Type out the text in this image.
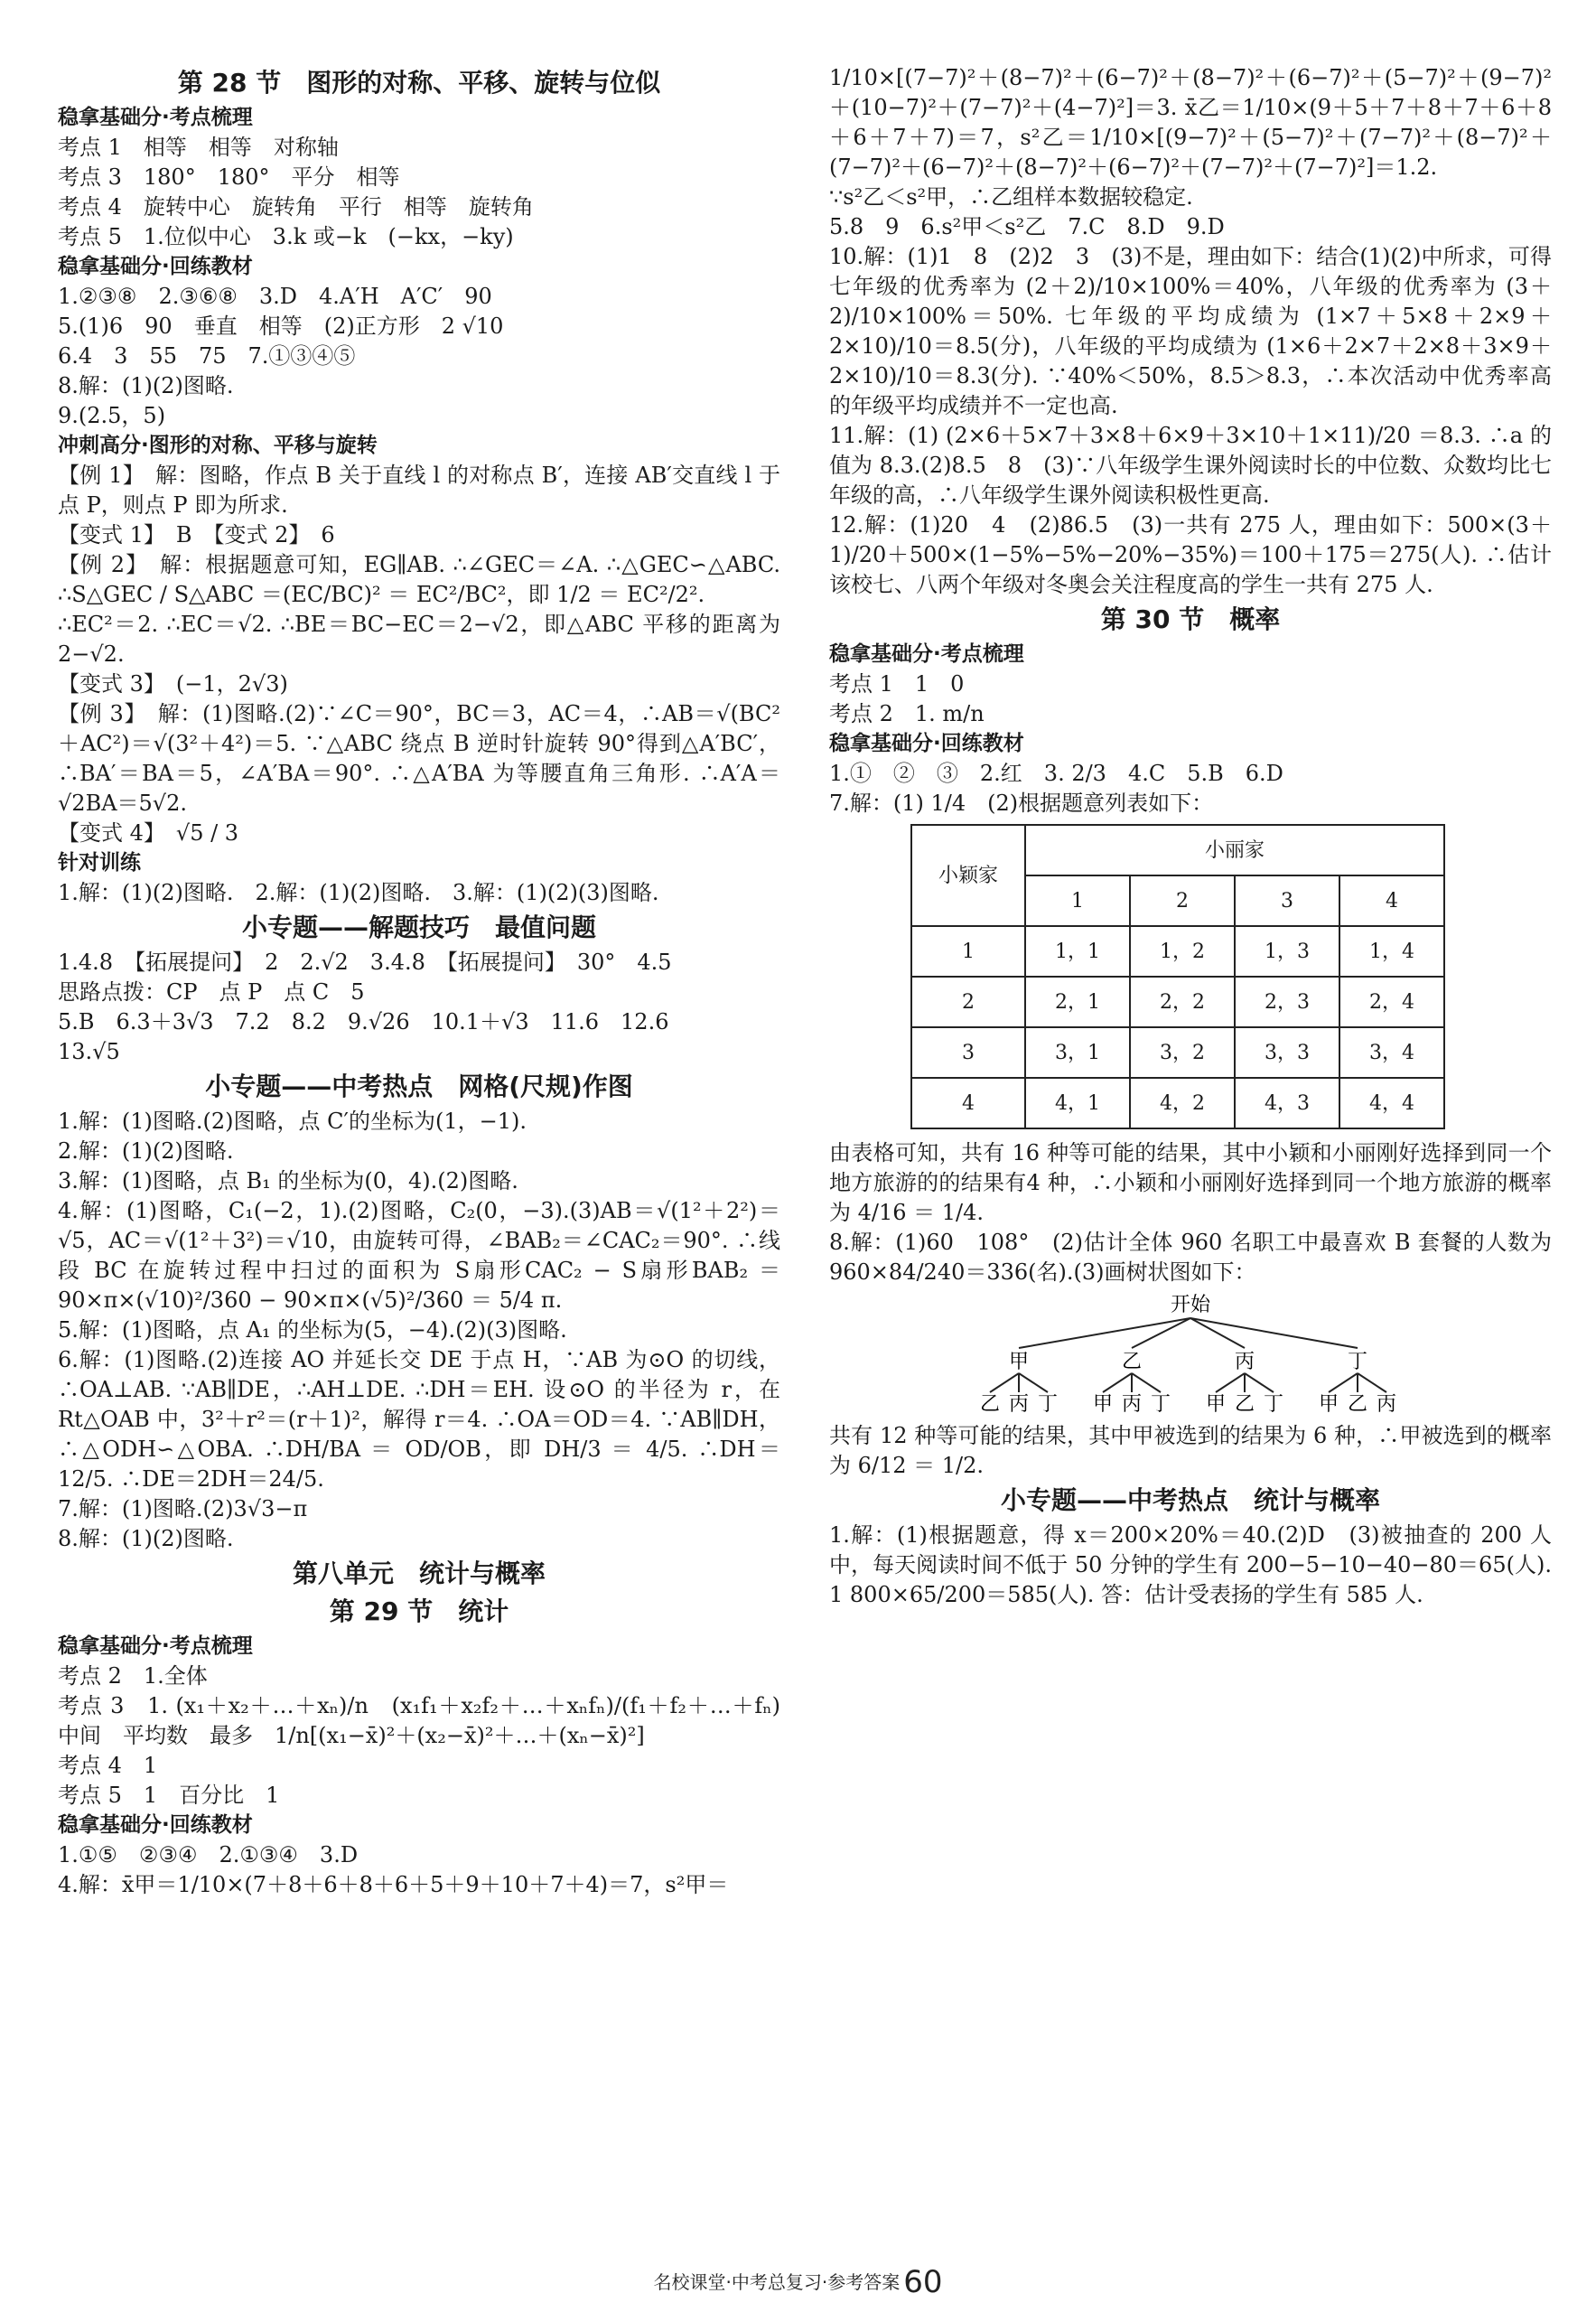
第 28 节　图形的对称、平移、旋转与位似
稳拿基础分·考点梳理
考点 1　相等　相等　对称轴
考点 3　180°　180°　平分　相等
考点 4　旋转中心　旋转角　平行　相等　旋转角
考点 5　1.位似中心　3.k 或−k　(−kx，−ky)
稳拿基础分·回练教材
1.②③⑧　2.③⑥⑧　3.D　4.A′H　A′C′　90
5.(1)6　90　垂直　相等　(2)正方形　2 √10
6.4　3　55　75　7.①③④⑤
8.解：(1)(2)图略.
9.(2.5，5)
冲刺高分·图形的对称、平移与旋转
【例 1】　解：图略，作点 B 关于直线 l 的对称点 B′，连接 AB′交直线 l 于点 P，则点 P 即为所求.
【变式 1】　B　【变式 2】　6
【例 2】　解：根据题意可知，EG∥AB. ∴∠GEC＝∠A. ∴△GEC∽△ABC. ∴S△GEC / S△ABC ＝(EC/BC)² ＝ EC²/BC²，即 1/2 ＝ EC²/2².
∴EC²＝2. ∴EC＝√2. ∴BE＝BC−EC＝2−√2，即△ABC 平移的距离为 2−√2.
【变式 3】　(−1，2√3)
【例 3】　解：(1)图略.(2)∵∠C＝90°，BC＝3，AC＝4，∴AB＝√(BC²＋AC²)＝√(3²＋4²)＝5. ∵△ABC 绕点 B 逆时针旋转 90°得到△A′BC′，∴BA′＝BA＝5，∠A′BA＝90°. ∴△A′BA 为等腰直角三角形. ∴A′A＝√2BA＝5√2.
【变式 4】　√5 / 3
针对训练
1.解：(1)(2)图略.　2.解：(1)(2)图略.　3.解：(1)(2)(3)图略.
小专题——解题技巧　最值问题
1.4.8　【拓展提问】　2　2.√2　3.4.8　【拓展提问】　30°　4.5
思路点拨：CP　点 P　点 C　5
5.B　6.3＋3√3　7.2　8.2　9.√26　10.1＋√3　11.6　12.6
13.√5
小专题——中考热点　网格(尺规)作图
1.解：(1)图略.(2)图略，点 C′的坐标为(1，−1).
2.解：(1)(2)图略.
3.解：(1)图略，点 B₁ 的坐标为(0，4).(2)图略.
4.解：(1)图略，C₁(−2，1).(2)图略，C₂(0，−3).(3)AB＝√(1²＋2²)＝√5，AC＝√(1²＋3²)＝√10，由旋转可得，∠BAB₂＝∠CAC₂＝90°. ∴线段 BC 在旋转过程中扫过的面积为 S扇形CAC₂ − S扇形BAB₂ ＝ 90×π×(√10)²/360 − 90×π×(√5)²/360 ＝ 5/4 π.
5.解：(1)图略，点 A₁ 的坐标为(5，−4).(2)(3)图略.
6.解：(1)图略.(2)连接 AO 并延长交 DE 于点 H，∵AB 为⊙O 的切线，∴OA⊥AB. ∵AB∥DE，∴AH⊥DE. ∴DH＝EH. 设⊙O 的半径为 r，在 Rt△OAB 中，3²＋r²＝(r＋1)²，解得 r＝4. ∴OA＝OD＝4. ∵AB∥DH，∴△ODH∽△OBA. ∴DH/BA ＝ OD/OB，即 DH/3 ＝ 4/5. ∴DH＝12/5. ∴DE＝2DH＝24/5.
7.解：(1)图略.(2)3√3−π
8.解：(1)(2)图略.
第八单元　统计与概率
第 29 节　统计
稳拿基础分·考点梳理
考点 2　1.全体
考点 3　1. (x₁＋x₂＋…＋xₙ)/n　(x₁f₁＋x₂f₂＋…＋xₙfₙ)/(f₁＋f₂＋…＋fₙ)　中间　平均数　最多　1/n[(x₁−x̄)²＋(x₂−x̄)²＋…＋(xₙ−x̄)²]
考点 4　1
考点 5　1　百分比　1
稳拿基础分·回练教材
1.①⑤　②③④　2.①③④　3.D
4.解：x̄甲＝1/10×(7＋8＋6＋8＋6＋5＋9＋10＋7＋4)＝7，s²甲＝
1/10×[(7−7)²＋(8−7)²＋(6−7)²＋(8−7)²＋(6−7)²＋(5−7)²＋(9−7)²＋(10−7)²＋(7−7)²＋(4−7)²]＝3. x̄乙＝1/10×(9＋5＋7＋8＋7＋6＋8＋6＋7＋7)＝7，s²乙＝1/10×[(9−7)²＋(5−7)²＋(7−7)²＋(8−7)²＋(7−7)²＋(6−7)²＋(8−7)²＋(6−7)²＋(7−7)²＋(7−7)²]＝1.2.
∵s²乙＜s²甲，∴乙组样本数据较稳定.
5.8　9　6.s²甲＜s²乙　7.C　8.D　9.D
10.解：(1)1　8　(2)2　3　(3)不是，理由如下：结合(1)(2)中所求，可得七年级的优秀率为 (2＋2)/10×100%＝40%，八年级的优秀率为 (3＋2)/10×100%＝50%. 七年级的平均成绩为 (1×7＋5×8＋2×9＋2×10)/10＝8.5(分)，八年级的平均成绩为 (1×6＋2×7＋2×8＋3×9＋2×10)/10＝8.3(分). ∵40%＜50%，8.5＞8.3，∴本次活动中优秀率高的年级平均成绩并不一定也高.
11.解：(1) (2×6＋5×7＋3×8＋6×9＋3×10＋1×11)/20 ＝8.3. ∴a 的值为 8.3.(2)8.5　8　(3)∵八年级学生课外阅读时长的中位数、众数均比七年级的高，∴八年级学生课外阅读积极性更高.
12.解：(1)20　4　(2)86.5　(3)一共有 275 人，理由如下：500×(3＋1)/20＋500×(1−5%−5%−20%−35%)＝100＋175＝275(人). ∴估计该校七、八两个年级对冬奥会关注程度高的学生一共有 275 人.
第 30 节　概率
稳拿基础分·考点梳理
考点 1　1　0
考点 2　1. m/n
稳拿基础分·回练教材
1.①　②　③　2.红　3. 2/3　4.C　5.B　6.D
7.解：(1) 1/4　(2)根据题意列表如下：
小颖家	小丽家			
	1	2	3	4
1	1，1	1，2	1，3	1，4
2	2，1	2，2	2，3	2，4
3	3，1	3，2	3，3	3，4
4	4，1	4，2	4，3	4，4
由表格可知，共有 16 种等可能的结果，其中小颖和小丽刚好选择到同一个地方旅游的的结果有4 种，∴小颖和小丽刚好选择到同一个地方旅游的概率为 4/16 ＝ 1/4.
8.解：(1)60　108°　(2)估计全体 960 名职工中最喜欢 B 套餐的人数为 960×84/240＝336(名).(3)画树状图如下：
开始
甲
乙 丙 丁
乙
甲 丙 丁
丙
甲 乙 丁
丁
甲 乙 丙
共有 12 种等可能的结果，其中甲被选到的结果为 6 种，∴甲被选到的概率为 6/12 ＝ 1/2.
小专题——中考热点　统计与概率
1.解：(1)根据题意，得 x＝200×20%＝40.(2)D　(3)被抽查的 200 人中，每天阅读时间不低于 50 分钟的学生有 200−5−10−40−80＝65(人). 1 800×65/200＝585(人). 答：估计受表扬的学生有 585 人.
名校课堂·中考总复习·参考答案 60
